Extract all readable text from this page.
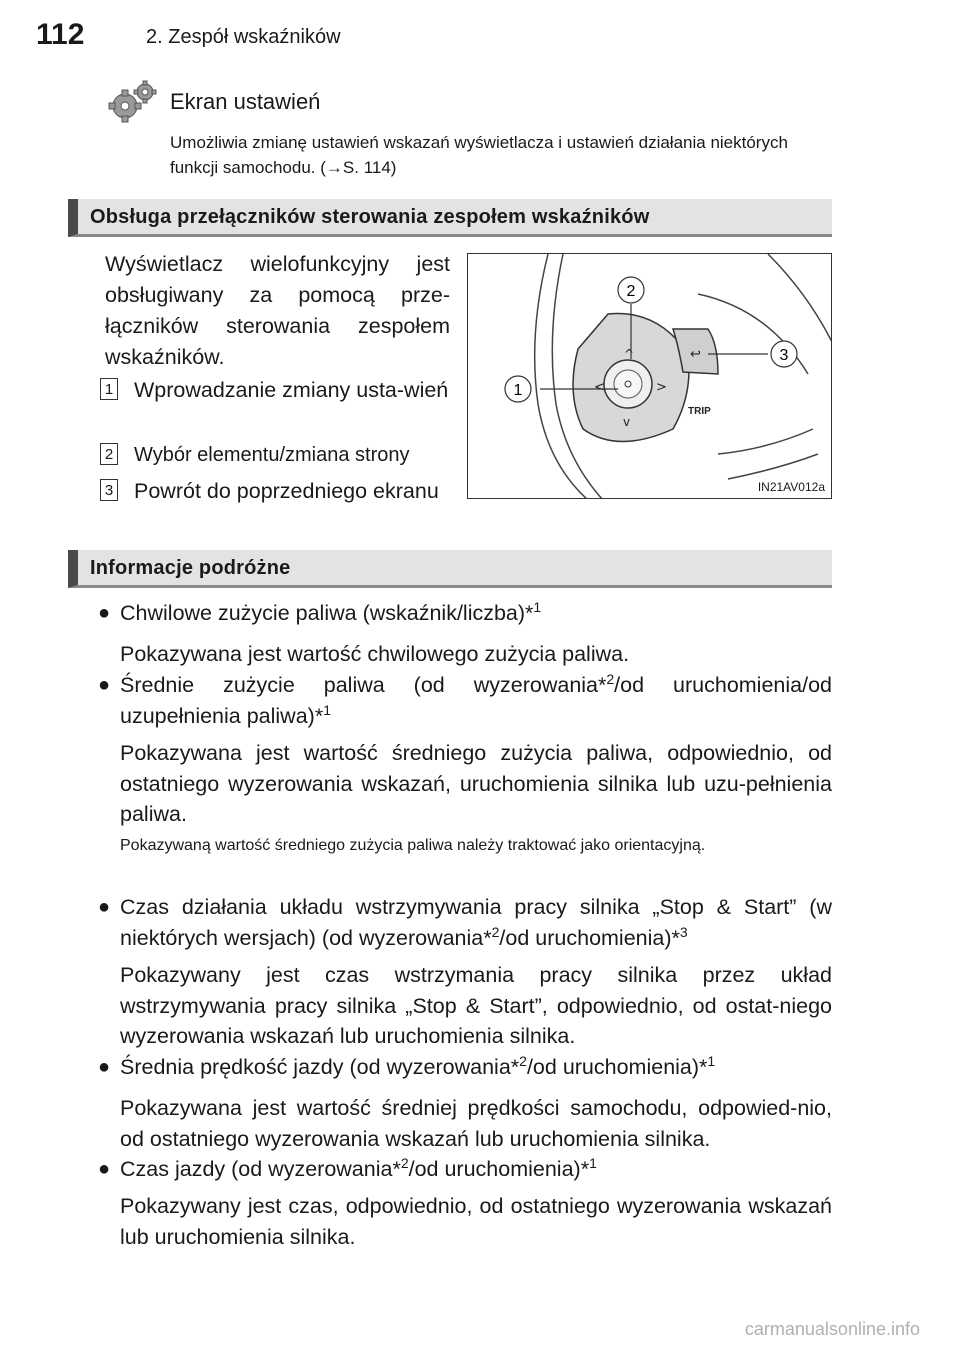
112	2. Zespół wskaźników
Ekran ustawień
Umożliwia zmianę ustawień wskazań wyświetlacza i ustawień działania niektórych funkcji samochodu. (→S. 114)
Obsługa przełączników sterowania zespołem wskaźników
Wyświetlacz wielofunkcyjny jest obsługiwany za pomocą prze-łączników sterowania zespołem wskaźników.
1 Wprowadzanie zmiany usta-wień
2 Wybór elementu/zmiana strony
3 Powrót do poprzedniego ekranu
^
v
<	>
↩
TRIP
1
2
3
IN21AV012a
Informacje podróżne
● Chwilowe zużycie paliwa (wskaźnik/liczba)*$^1$
Pokazywana jest wartość chwilowego zużycia paliwa.
● Średnie zużycie paliwa (od wyzerowania*$^2$/od uruchomienia/od uzupełnienia paliwa)*$^1$
Pokazywana jest wartość średniego zużycia paliwa, odpowiednio, od ostatniego wyzerowania wskazań, uruchomienia silnika lub uzu-pełnienia paliwa.
Pokazywaną wartość średniego zużycia paliwa należy traktować jako orientacyjną.
● Czas działania układu wstrzymywania pracy silnika „Stop & Start” (w niektórych wersjach) (od wyzerowania*$^2$/od uruchomienia)*$^3$
Pokazywany jest czas wstrzymania pracy silnika przez układ wstrzymywania pracy silnika „Stop & Start”, odpowiednio, od ostat-niego wyzerowania wskazań lub uruchomienia silnika.
● Średnia prędkość jazdy (od wyzerowania*$^2$/od uruchomienia)*$^1$
Pokazywana jest wartość średniej prędkości samochodu, odpowied-nio, od ostatniego wyzerowania wskazań lub uruchomienia silnika.
● Czas jazdy (od wyzerowania*$^2$/od uruchomienia)*$^1$
Pokazywany jest czas, odpowiednio, od ostatniego wyzerowania wskazań lub uruchomienia silnika.
carmanualsonline.info
